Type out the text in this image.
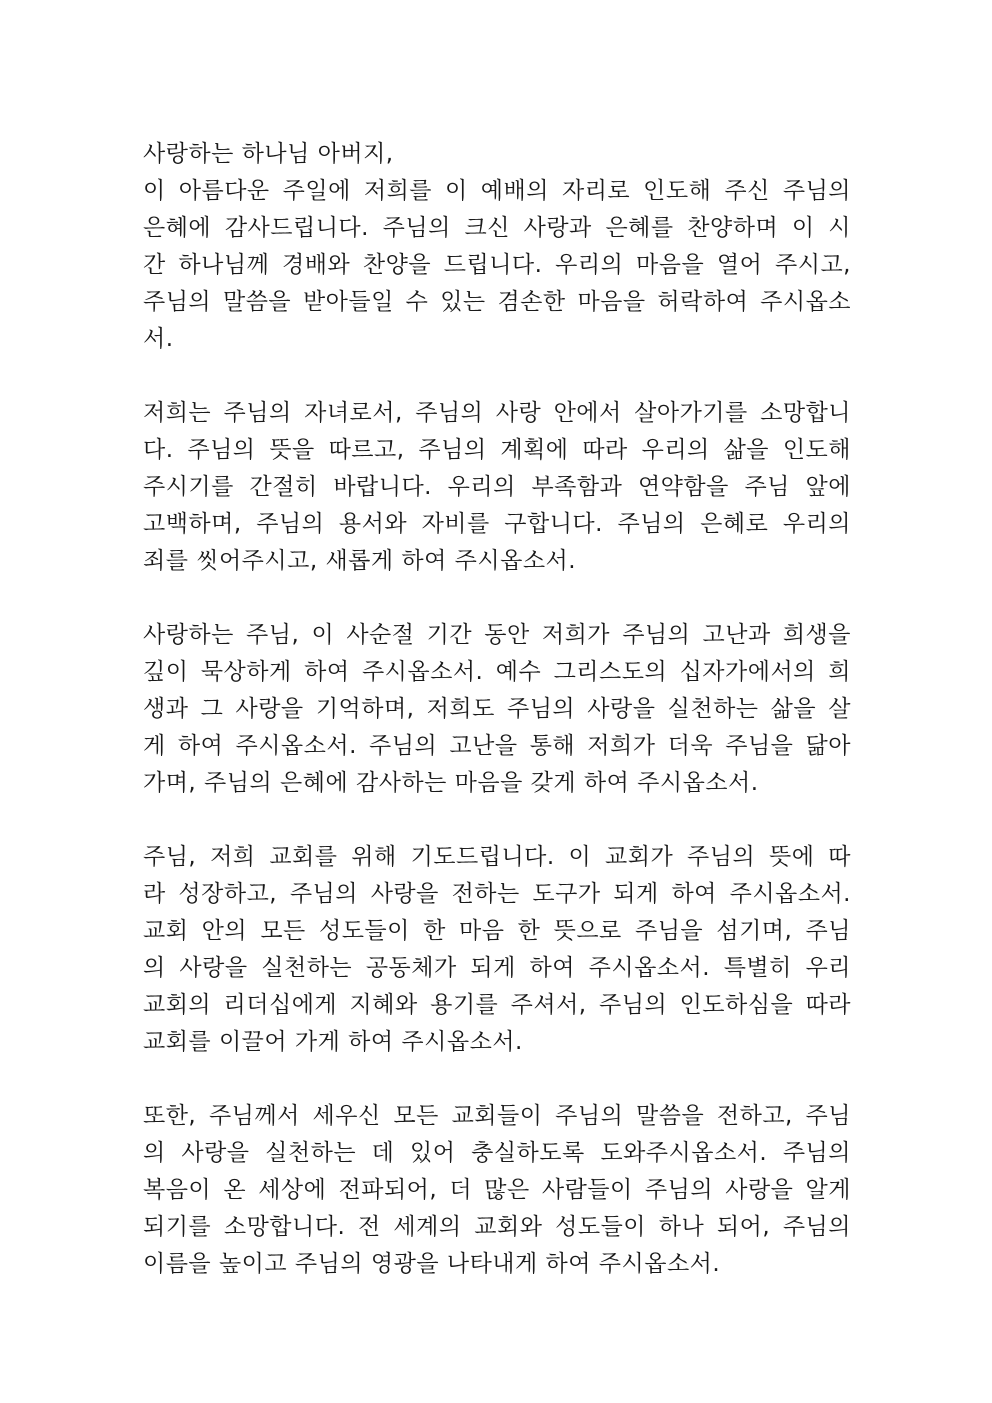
사랑하는 하나님 아버지,
이 아름다운 주일에 저희를 이 예배의 자리로 인도해 주신 주님의
은혜에 감사드립니다. 주님의 크신 사랑과 은혜를 찬양하며 이 시
간 하나님께 경배와 찬양을 드립니다. 우리의 마음을 열어 주시고,
주님의 말씀을 받아들일 수 있는 겸손한 마음을 허락하여 주시옵소
서.
저희는 주님의 자녀로서, 주님의 사랑 안에서 살아가기를 소망합니
다. 주님의 뜻을 따르고, 주님의 계획에 따라 우리의 삶을 인도해
주시기를 간절히 바랍니다. 우리의 부족함과 연약함을 주님 앞에
고백하며, 주님의 용서와 자비를 구합니다. 주님의 은혜로 우리의
죄를 씻어주시고, 새롭게 하여 주시옵소서.
사랑하는 주님, 이 사순절 기간 동안 저희가 주님의 고난과 희생을
깊이 묵상하게 하여 주시옵소서. 예수 그리스도의 십자가에서의 희
생과 그 사랑을 기억하며, 저희도 주님의 사랑을 실천하는 삶을 살
게 하여 주시옵소서. 주님의 고난을 통해 저희가 더욱 주님을 닮아
가며, 주님의 은혜에 감사하는 마음을 갖게 하여 주시옵소서.
주님, 저희 교회를 위해 기도드립니다. 이 교회가 주님의 뜻에 따
라 성장하고, 주님의 사랑을 전하는 도구가 되게 하여 주시옵소서.
교회 안의 모든 성도들이 한 마음 한 뜻으로 주님을 섬기며, 주님
의 사랑을 실천하는 공동체가 되게 하여 주시옵소서. 특별히 우리
교회의 리더십에게 지혜와 용기를 주셔서, 주님의 인도하심을 따라
교회를 이끌어 가게 하여 주시옵소서.
또한, 주님께서 세우신 모든 교회들이 주님의 말씀을 전하고, 주님
의 사랑을 실천하는 데 있어 충실하도록 도와주시옵소서. 주님의
복음이 온 세상에 전파되어, 더 많은 사람들이 주님의 사랑을 알게
되기를 소망합니다. 전 세계의 교회와 성도들이 하나 되어, 주님의
이름을 높이고 주님의 영광을 나타내게 하여 주시옵소서.
